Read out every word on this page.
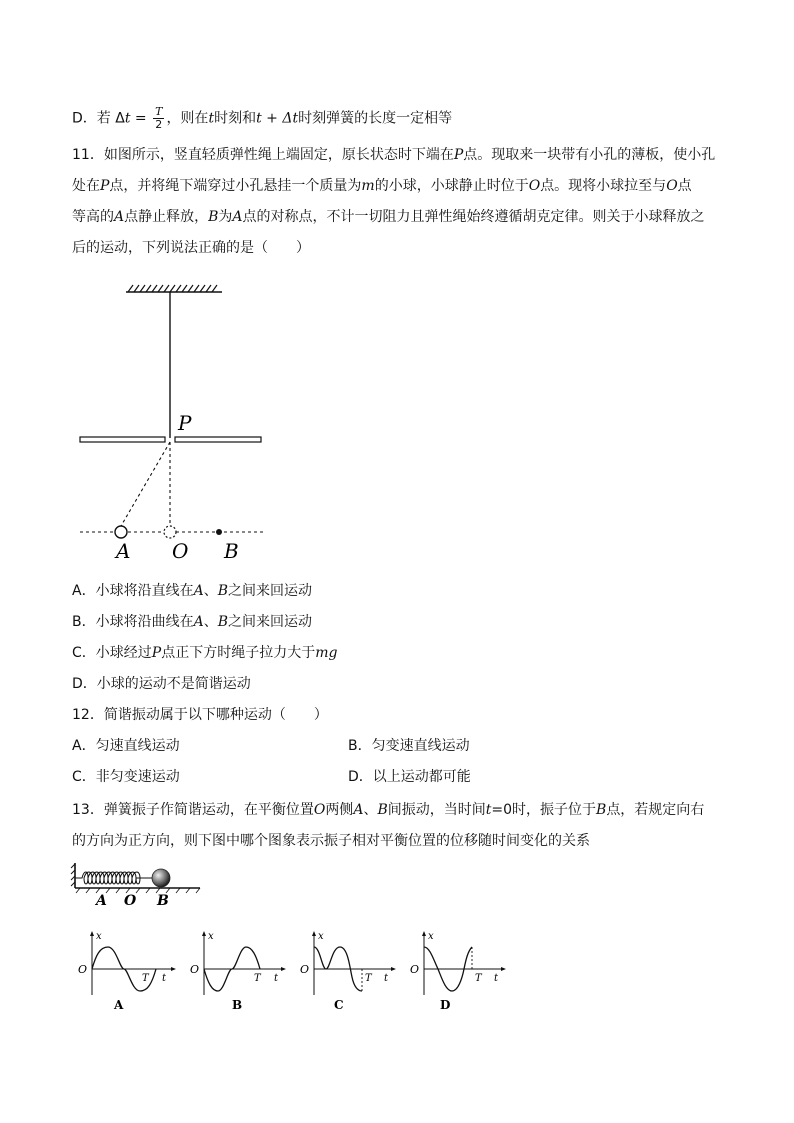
D．若 $\Delta t = \frac{T}{2}$ ，则在t时刻和t + Δt时刻弹簧的长度一定相等
11．如图所示，竖直轻质弹性绳上端固定，原长状态时下端在P点。现取来一块带有小孔的薄板，使小孔
处在P点，并将绳下端穿过小孔悬挂一个质量为m的小球，小球静止时位于O点。现将小球拉至与O点
等高的A点静止释放，B为A点的对称点，不计一切阻力且弹性绳始终遵循胡克定律。则关于小球释放之
后的运动，下列说法正确的是（　　）
P
A O B
A．小球将沿直线在A、B之间来回运动
B．小球将沿曲线在A、B之间来回运动
C．小球经过P点正下方时绳子拉力大于mg
D．小球的运动不是简谐运动
12．简谐振动属于以下哪种运动（　　）
A．匀速直线运动	B．匀变速直线运动
C．非匀变速运动	D．以上运动都可能
13．弹簧振子作简谐运动，在平衡位置O两侧A、B间振动，当时间t=0时，振子位于B点，若规定向右
的方向为正方向，则下图中哪个图象表示振子相对平衡位置的位移随时间变化的关系
A O B
x
O
T t
A
x
O
T t
B
x
O
T t
C
x
O
T t
D
